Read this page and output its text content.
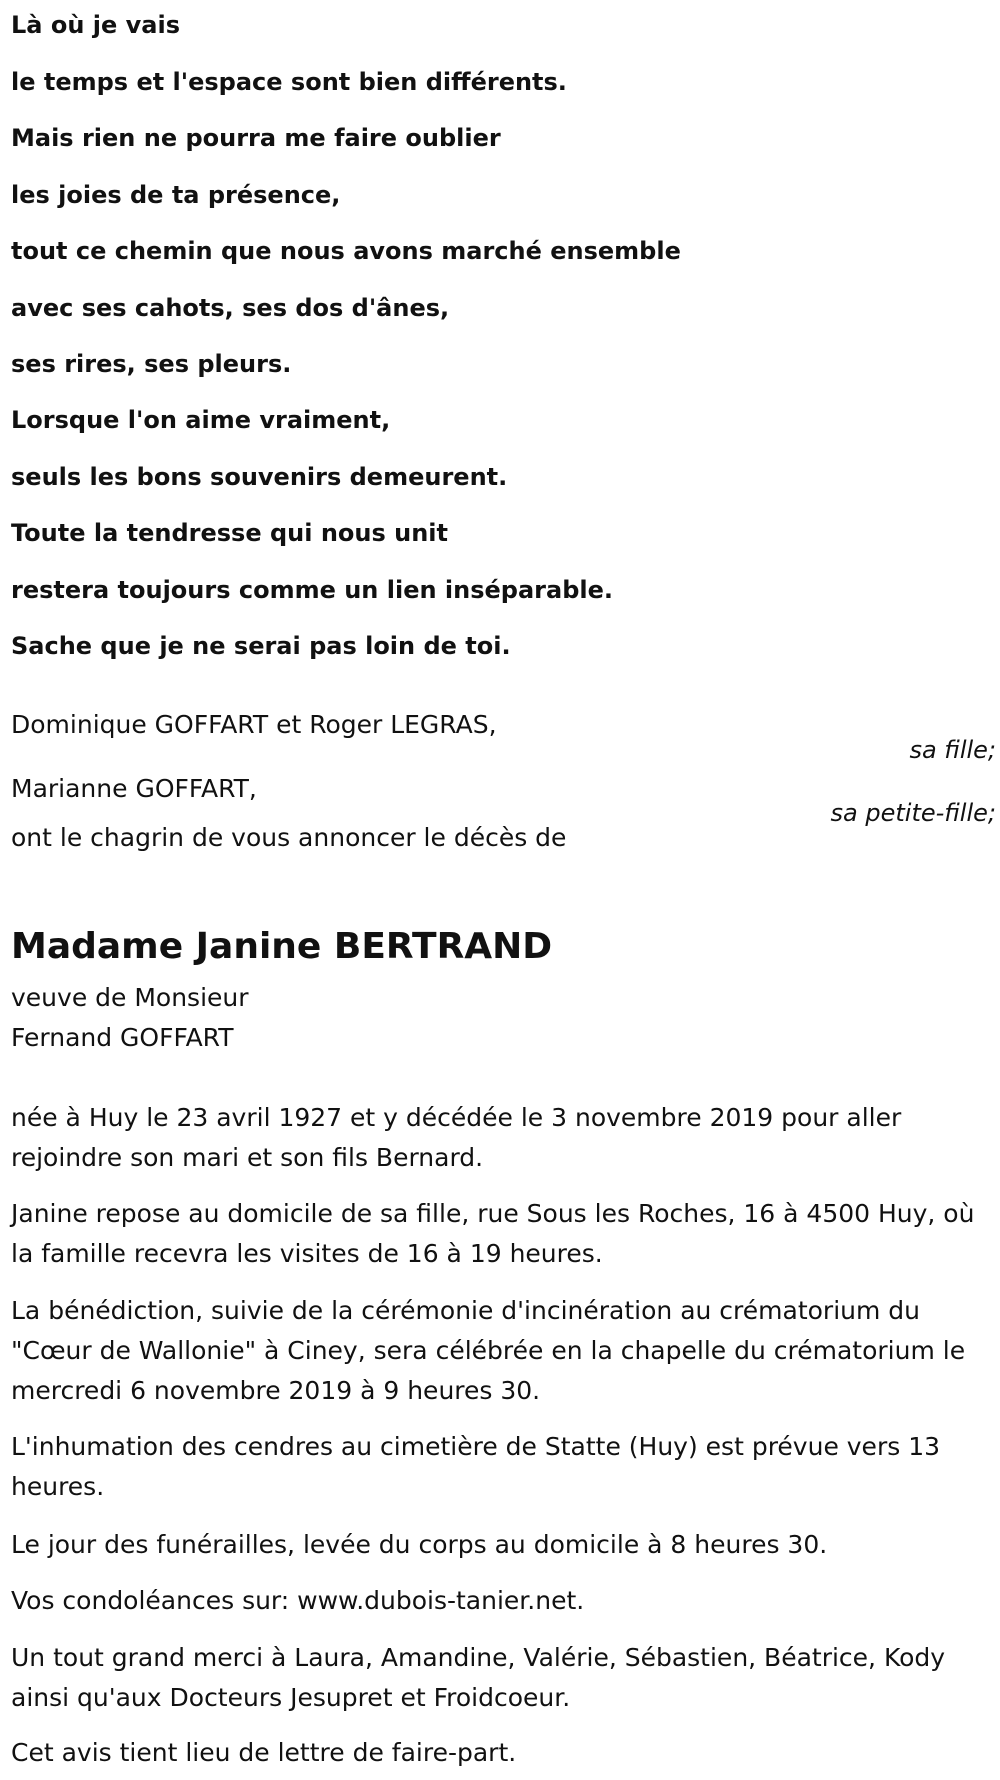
Là où je vais
le temps et l'espace sont bien différents.
Mais rien ne pourra me faire oublier
les joies de ta présence,
tout ce chemin que nous avons marché ensemble
avec ses cahots, ses dos d'ânes,
ses rires, ses pleurs.
Lorsque l'on aime vraiment,
seuls les bons souvenirs demeurent.
Toute la tendresse qui nous unit
restera toujours comme un lien inséparable.
Sache que je ne serai pas loin de toi.
Dominique GOFFART et Roger LEGRAS,
sa fille;
Marianne GOFFART,
sa petite-fille;
ont le chagrin de vous annoncer le décès de
Madame Janine BERTRAND
veuve de Monsieur
Fernand GOFFART
née à Huy le 23 avril 1927 et y décédée le 3 novembre 2019 pour aller rejoindre son mari et son fils Bernard.
Janine repose au domicile de sa fille, rue Sous les Roches, 16 à 4500 Huy, où la famille recevra les visites de 16 à 19 heures.
La bénédiction, suivie de la cérémonie d'incinération au crématorium du "Cœur de Wallonie" à Ciney, sera célébrée en la chapelle du crématorium le mercredi 6 novembre 2019 à 9 heures 30.
L'inhumation des cendres au cimetière de Statte (Huy) est prévue vers 13 heures.
Le jour des funérailles, levée du corps au domicile à 8 heures 30.
Vos condoléances sur: www.dubois-tanier.net.
Un tout grand merci à Laura, Amandine, Valérie, Sébastien, Béatrice, Kody ainsi qu'aux Docteurs Jesupret et Froidcoeur.
Cet avis tient lieu de lettre de faire-part.
